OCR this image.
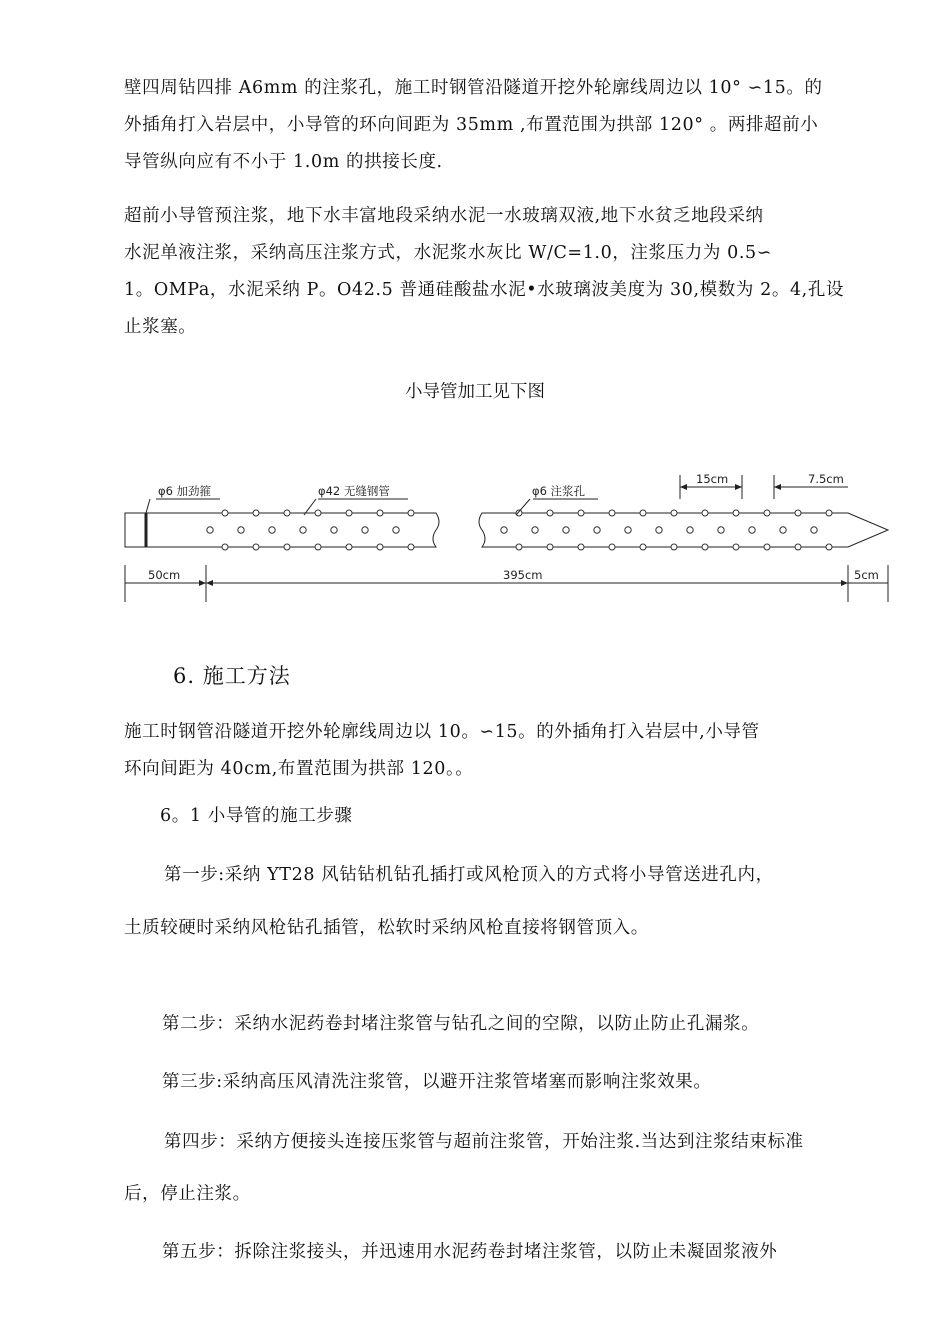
壁四周钻四排 A6mm 的注浆孔，施工时钢管沿隧道开挖外轮廓线周边以 10° ∽15。的
外插角打入岩层中，小导管的环向间距为 35mm ,布置范围为拱部 120° 。两排超前小
导管纵向应有不小于 1.0m 的拱接长度.
超前小导管预注浆，地下水丰富地段采纳水泥一水玻璃双液,地下水贫乏地段采纳
水泥单液注浆，采纳高压注浆方式，水泥浆水灰比 W/C=1.0，注浆压力为 0.5∽
1。OMPa，水泥采纳 P。O42.5 普通硅酸盐水泥•水玻璃波美度为 30,模数为 2。4,孔设
止浆塞。
小导管加工见下图
φ6 加劲箍	φ42 无缝钢管	φ6 注浆孔
15cm	7.5cm
50cm	395cm	5cm
6. 施工方法
施工时钢管沿隧道开挖外轮廓线周边以 10。∽15。的外插角打入岩层中,小导管
环向间距为 40cm,布置范围为拱部 120。。
6。1 小导管的施工步骤
第一步:采纳 YT28 风钻钻机钻孔插打或风枪顶入的方式将小导管送进孔内，
土质较硬时采纳风枪钻孔插管，松软时采纳风枪直接将钢管顶入。
第二步：采纳水泥药卷封堵注浆管与钻孔之间的空隙，以防止防止孔漏浆。
第三步:采纳高压风清洗注浆管，以避开注浆管堵塞而影响注浆效果。
第四步：采纳方便接头连接压浆管与超前注浆管，开始注浆.当达到注浆结束标准
后，停止注浆。
第五步：拆除注浆接头，并迅速用水泥药卷封堵注浆管，以防止未凝固浆液外
